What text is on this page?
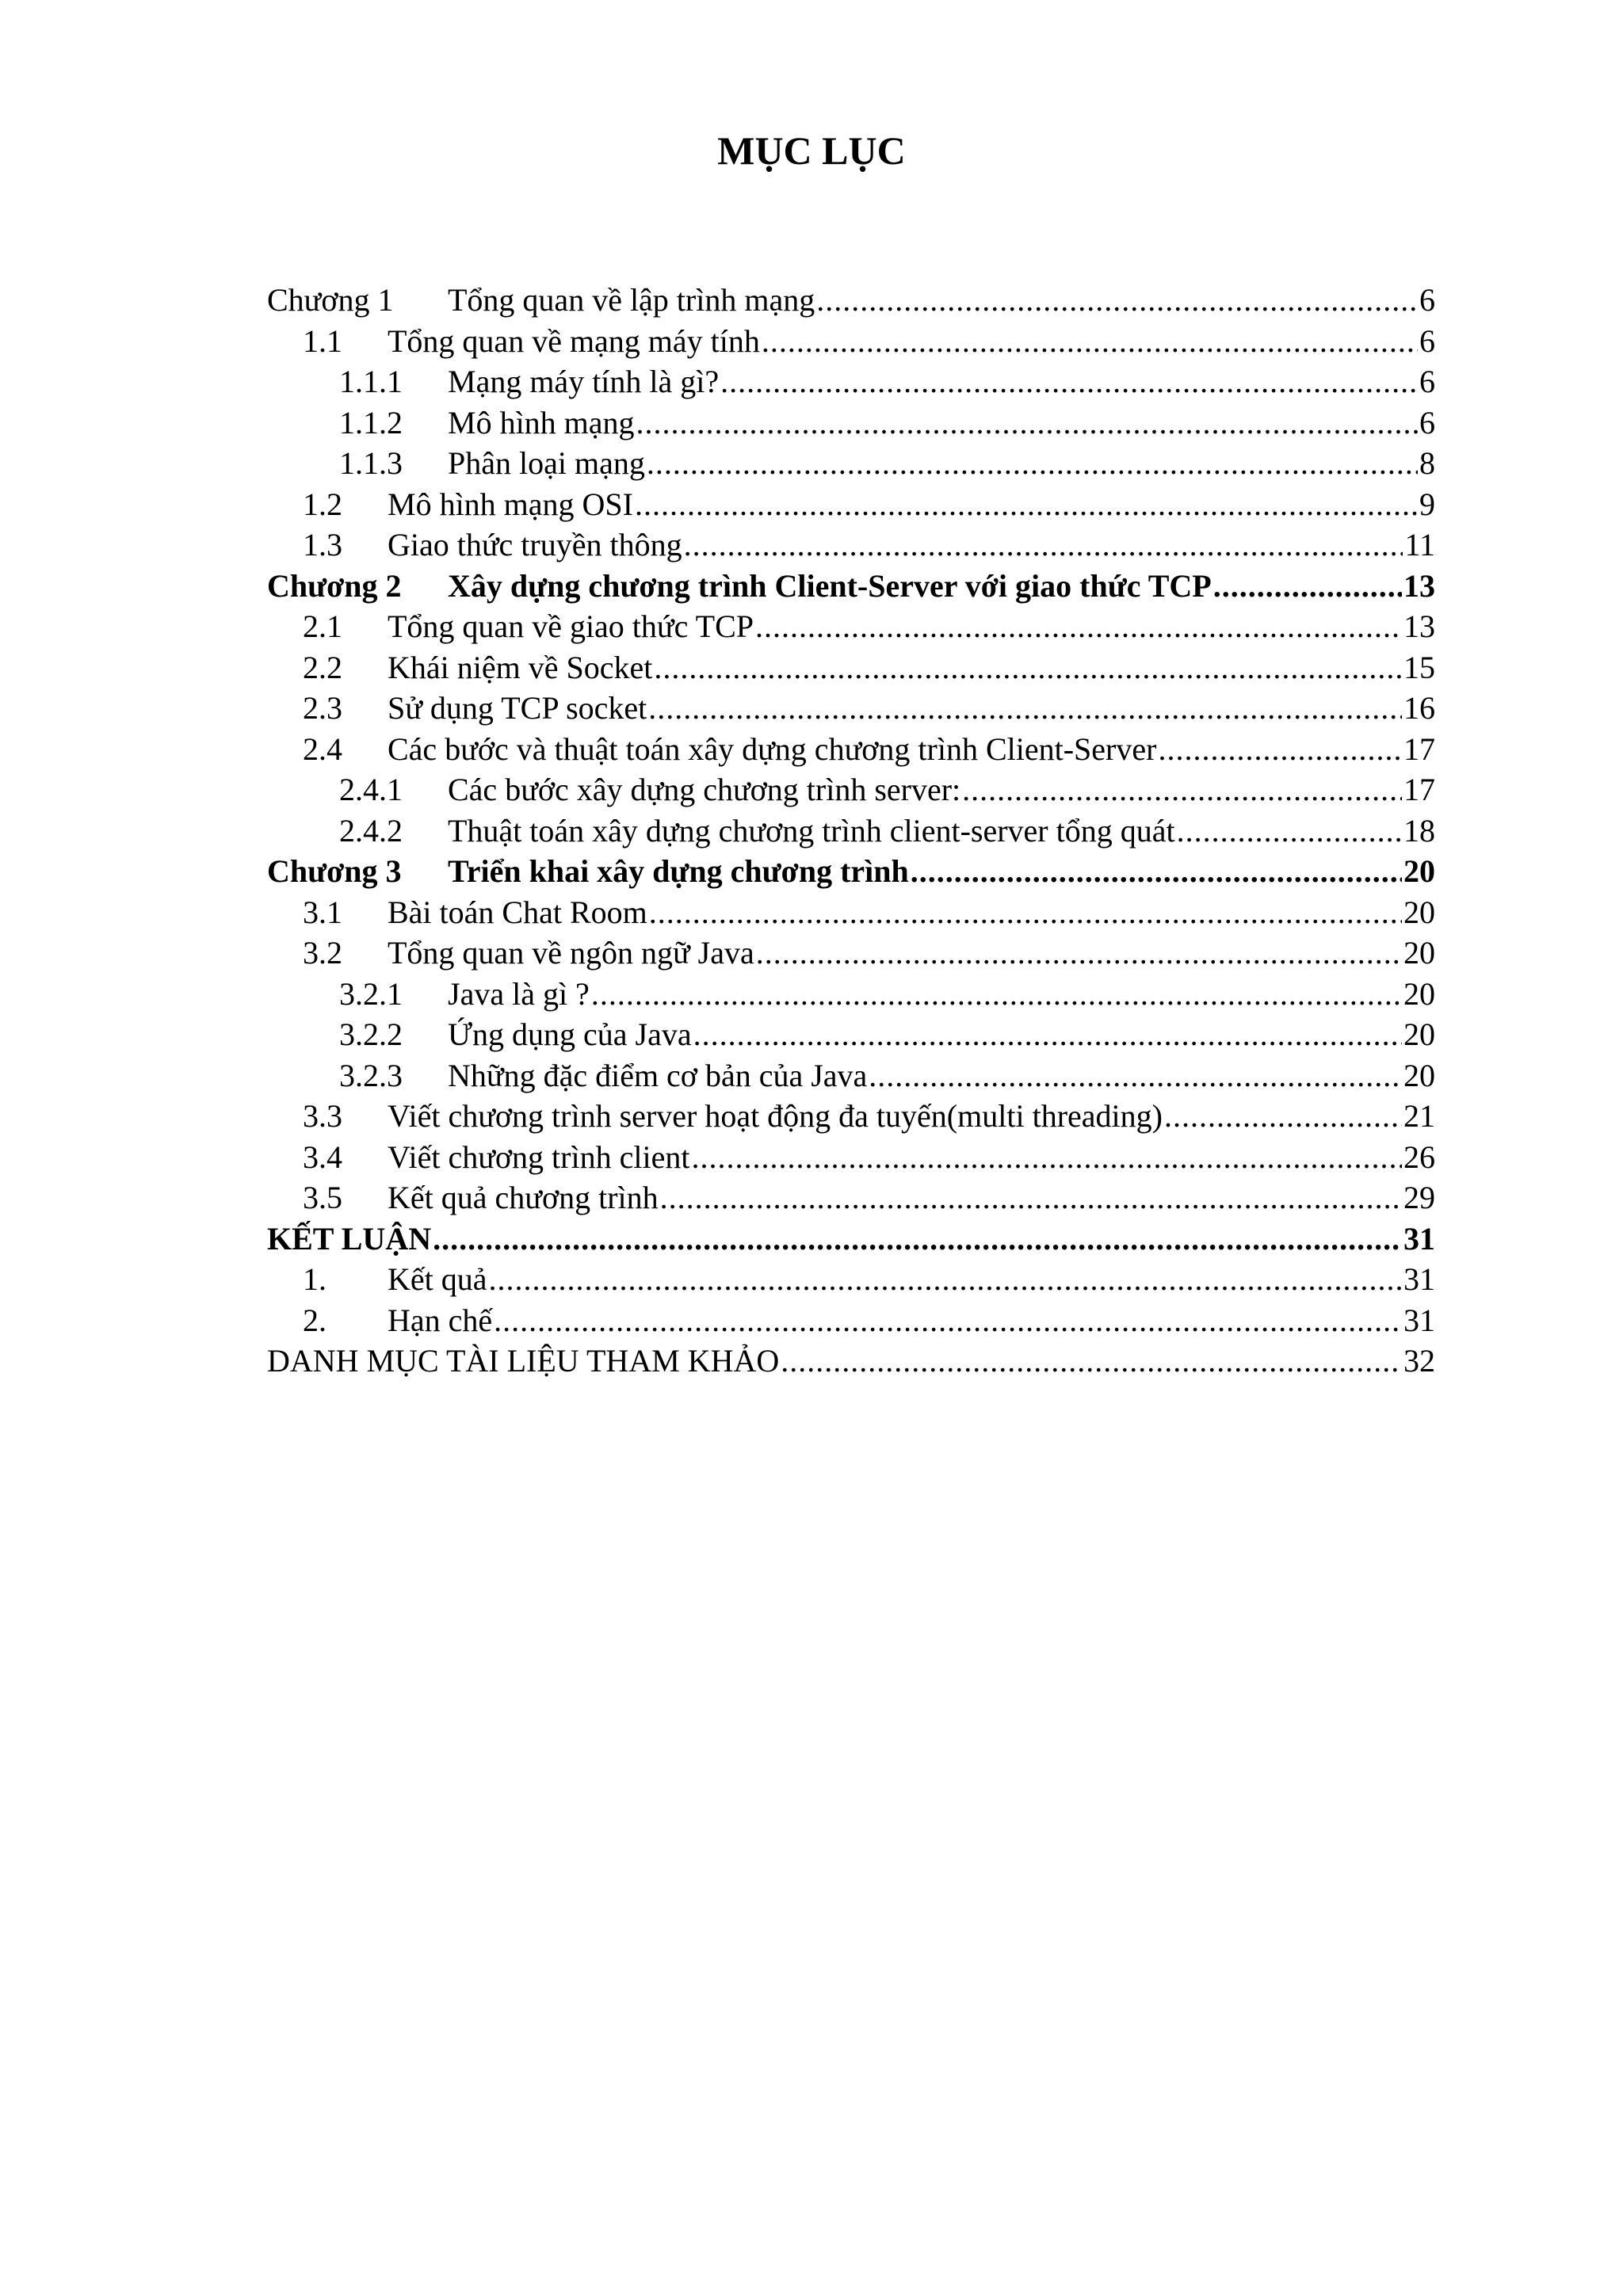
MỤC LỤC
Chương 1 Tổng quan về lập trình mạng .....	6
1.1 Tổng quan về mạng máy tính .....	6
1.1.1 Mạng máy tính là gì? .....	6
1.1.2 Mô hình mạng .....	6
1.1.3 Phân loại mạng .....	8
1.2 Mô hình mạng OSI .....	9
1.3 Giao thức truyền thông .....	11
Chương 2 Xây dựng chương trình Client-Server với giao thức TCP .....	13
2.1 Tổng quan về giao thức TCP .....	13
2.2 Khái niệm về Socket .....	15
2.3 Sử dụng TCP socket .....	16
2.4 Các bước và thuật toán xây dựng chương trình Client-Server .....	17
2.4.1 Các bước xây dựng chương trình server: .....	17
2.4.2 Thuật toán xây dựng chương trình client-server tổng quát .....	18
Chương 3 Triển khai xây dựng chương trình .....	20
3.1 Bài toán Chat Room .....	20
3.2 Tổng quan về ngôn ngữ Java .....	20
3.2.1 Java là gì ? .....	20
3.2.2 Ứng dụng của Java .....	20
3.2.3 Những đặc điểm cơ bản của Java .....	20
3.3 Viết chương trình server hoạt động đa tuyến(multi threading) .....	21
3.4 Viết chương trình client .....	26
3.5 Kết quả chương trình .....	29
KẾT LUẬN .....	31
1. Kết quả .....	31
2. Hạn chế .....	31
DANH MỤC TÀI LIỆU THAM KHẢO .....	32
